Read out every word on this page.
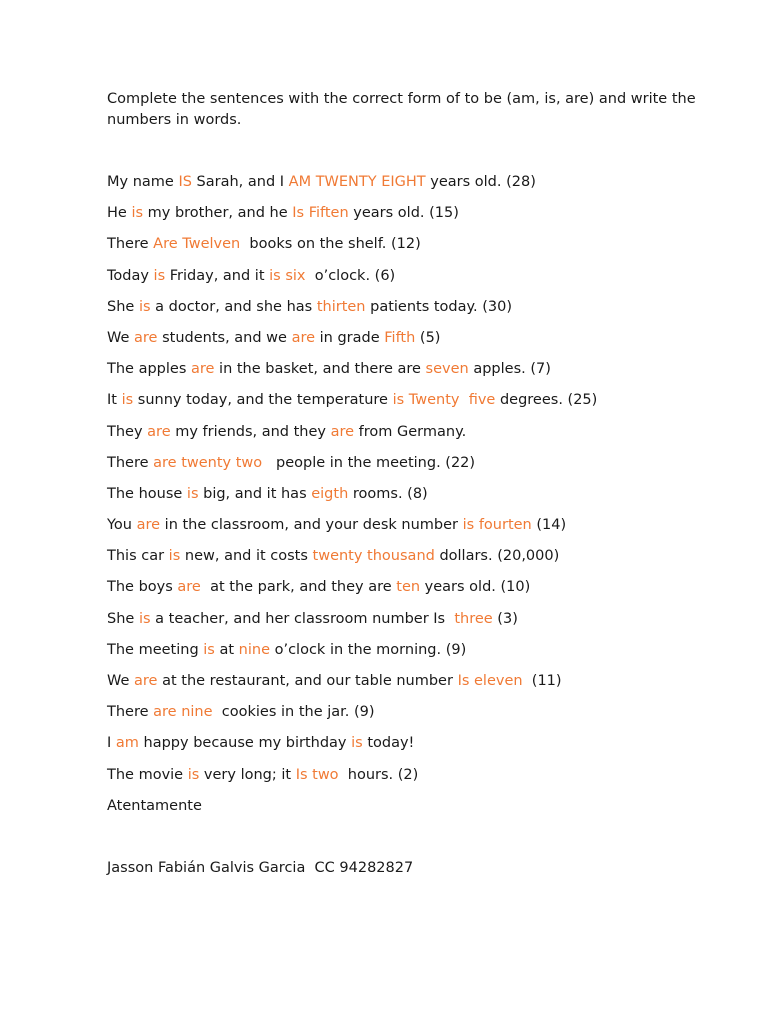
Complete the sentences with the correct form of to be (am, is, are) and write the numbers in words.

My name IS Sarah, and I AM TWENTY EIGHT years old. (28)
He is my brother, and he Is Fiften years old. (15)
There Are Twelven  books on the shelf. (12)
Today is Friday, and it is six  o’clock. (6)
She is a doctor, and she has thirten patients today. (30)
We are students, and we are in grade Fifth (5)
The apples are in the basket, and there are seven apples. (7)
It is sunny today, and the temperature is Twenty  five degrees. (25)
They are my friends, and they are from Germany.
There are twenty two   people in the meeting. (22)
The house is big, and it has eigth rooms. (8)
You are in the classroom, and your desk number is fourten (14)
This car is new, and it costs twenty thousand dollars. (20,000)
The boys are  at the park, and they are ten years old. (10)
She is a teacher, and her classroom number Is  three (3)
The meeting is at nine o’clock in the morning. (9)
We are at the restaurant, and our table number Is eleven  (11)
There are nine  cookies in the jar. (9)
I am happy because my birthday is today!
The movie is very long; it Is two  hours. (2)
Atentamente
Jasson Fabián Galvis Garcia  CC 94282827
